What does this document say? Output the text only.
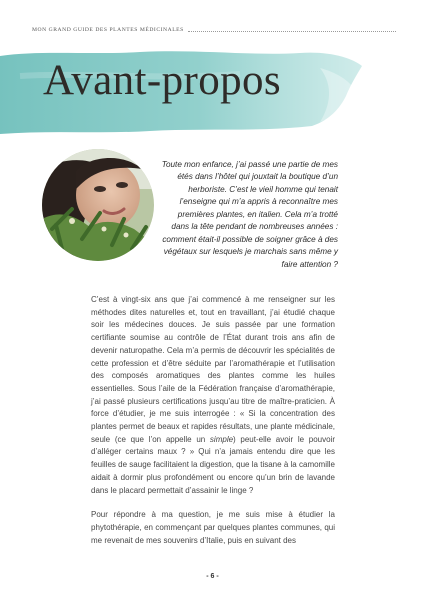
MON GRAND GUIDE DES PLANTES MÉDICINALES
Avant-propos

Toute mon enfance, j’ai passé une partie de mes étés dans l’hôtel qui jouxtait la boutique d’un herboriste. C’est le vieil homme qui tenait l’enseigne qui m’a appris à reconnaître mes premières plantes, en italien. Cela m’a trotté dans la tête pendant de nombreuses années : comment était-il possible de soigner grâce à des végétaux sur lesquels je marchais sans même y faire attention ?

C’est à vingt-six ans que j’ai commencé à me renseigner sur les méthodes dites naturelles et, tout en travaillant, j’ai étudié chaque soir les médecines douces. Je suis passée par une formation certifiante soumise au contrôle de l’État durant trois ans afin de devenir naturopathe. Cela m’a permis de découvrir les spécialités de cette profession et d’être séduite par l’aromathérapie et l’utilisation des composés aromatiques des plantes comme les huiles essentielles. Sous l’aile de la Fédération française d’aromathérapie, j’ai passé plusieurs certifications jusqu’au titre de maître-praticien. À force d’étudier, je me suis interrogée : « Si la concentration des plantes permet de beaux et rapides résultats, une plante médicinale, seule (ce que l’on appelle un simple) peut-elle avoir le pouvoir d’alléger certains maux ? » Qui n’a jamais entendu dire que les feuilles de sauge facilitaient la digestion, que la tisane à la camomille aidait à dormir plus profondément ou encore qu’un brin de lavande dans le placard permettait d’assainir le linge ?

Pour répondre à ma question, je me suis mise à étudier la phytothérapie, en commençant par quelques plantes communes, qui me revenait de mes souvenirs d’Italie, puis en suivant des

- 6 -
